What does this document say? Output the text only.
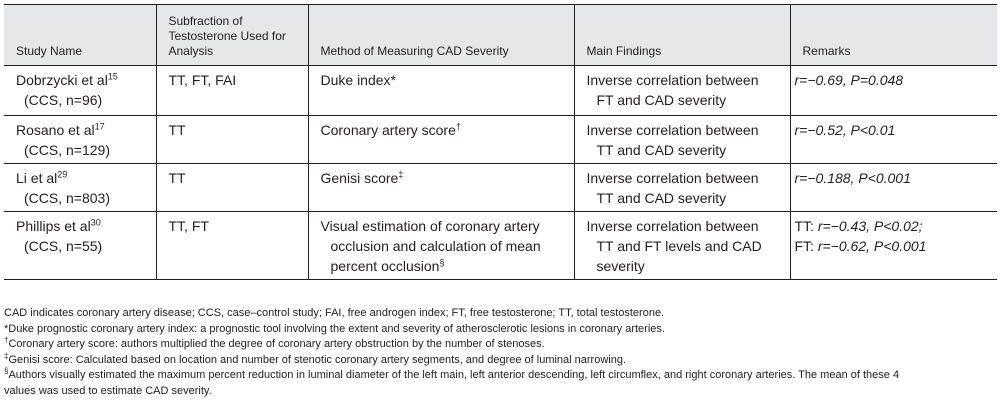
Study Name	Subfraction of Testosterone Used for Analysis	Method of Measuring CAD Severity	Main Findings	Remarks
Dobrzycki et $al^{15}$
(CCS, n=96)	TT, FT, FAI	Duke index*	Inverse correlation between
FT and CAD severity	r=−0.69, P=0.048
Rosano et $al^{17}$
(CCS, n=129)	TT	Coronary artery score†	Inverse correlation between
TT and CAD severity	r=−0.52, P<0.01
Li et $al^{29}$
(CCS, n=803)	TT	Genisi score‡	Inverse correlation between
TT and CAD severity	r=−0.188, P<0.001
Phillips et $al^{30}$
(CCS, n=55)	TT, FT	Visual estimation of coronary artery
occlusion and calculation of mean
percent occlusion§	Inverse correlation between
TT and FT levels and CAD
severity	TT: r=−0.43, P<0.02;
FT: r=−0.62, P<0.001

CAD indicates coronary artery disease; CCS, case–control study; FAI, free androgen index; FT, free testosterone; TT, total testosterone.

*Duke prognostic coronary artery index: a prognostic tool involving the extent and severity of atherosclerotic lesions in coronary arteries.

†Coronary artery score: authors multiplied the degree of coronary artery obstruction by the number of stenoses.

‡Genisi score: Calculated based on location and number of stenotic coronary artery segments, and degree of luminal narrowing.

§Authors visually estimated the maximum percent reduction in luminal diameter of the left main, left anterior descending, left circumflex, and right coronary arteries. The mean of these 4

values was used to estimate CAD severity.
